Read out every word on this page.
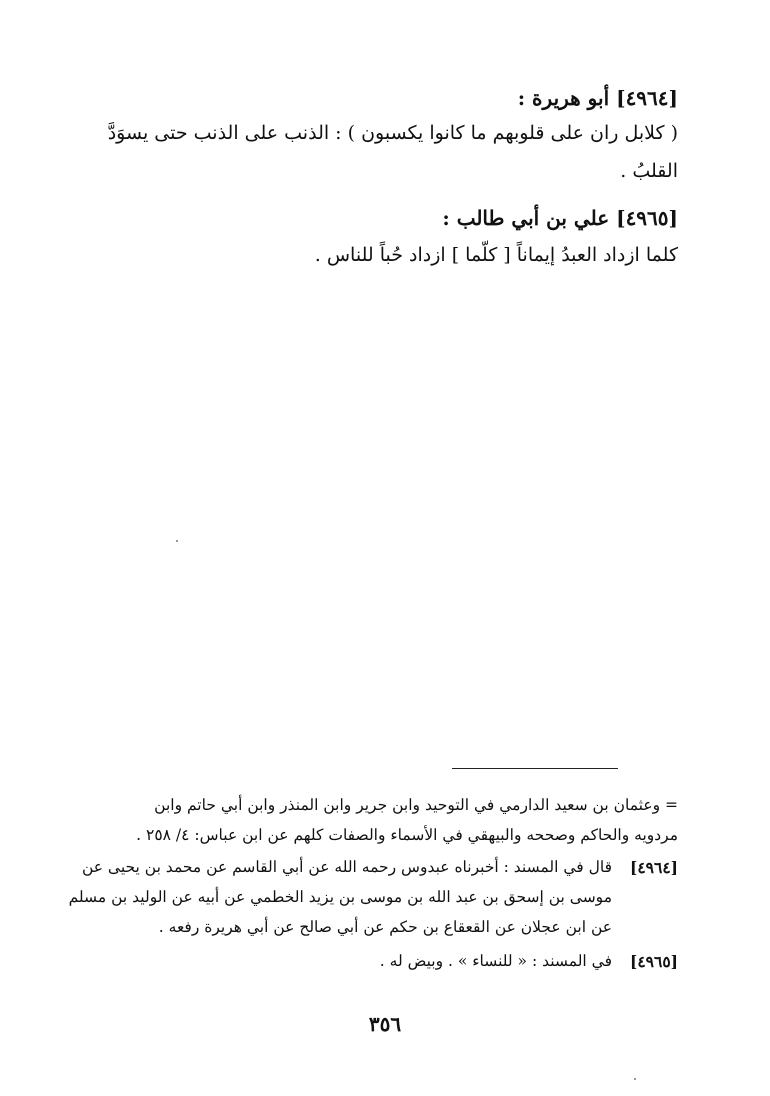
[٤٩٦٤] أبو هريرة :
( كلابل ران على قلوبهم ما كانوا يكسبون ) : الذنب على الذنب حتى يسوَدَّ
القلبُ .
[٤٩٦٥] علي بن أبي طالب :
كلما ازداد العبدُ إيماناً [ كلّما ] ازداد حُباً للناس .
= وعثمان بن سعيد الدارمي في التوحيد وابن جرير وابن المنذر وابن أبي حاتم وابن
مردويه والحاكم وصححه والبيهقي في الأسماء والصفات كلهم عن ابن عباس: ٤/ ٢٥٨ .
[٤٩٦٤]
قال في المسند : أخبرناه عبدوس رحمه الله عن أبي القاسم عن محمد بن يحيى عن
موسى بن إسحق بن عبد الله بن موسى بن يزيد الخطمي عن أبيه عن الوليد بن مسلم
عن ابن عجلان عن القعقاع بن حكم عن أبي صالح عن أبي هريرة رفعه .
[٤٩٦٥]
في المسند : « للنساء » . وبيض له .
٣٥٦
